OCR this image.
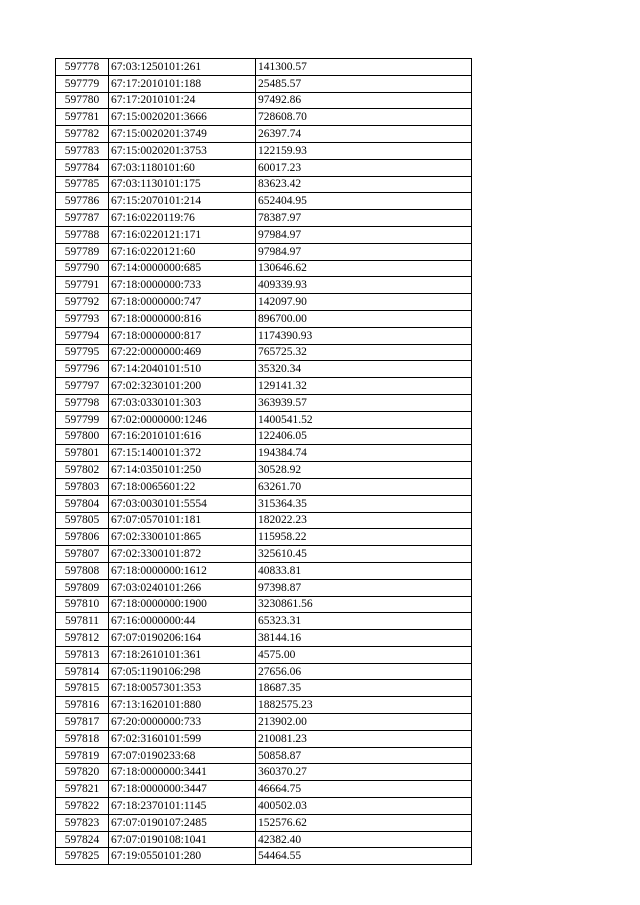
597778	67:03:1250101:261	141300.57
597779	67:17:2010101:188	25485.57
597780	67:17:2010101:24	97492.86
597781	67:15:0020201:3666	728608.70
597782	67:15:0020201:3749	26397.74
597783	67:15:0020201:3753	122159.93
597784	67:03:1180101:60	60017.23
597785	67:03:1130101:175	83623.42
597786	67:15:2070101:214	652404.95
597787	67:16:0220119:76	78387.97
597788	67:16:0220121:171	97984.97
597789	67:16:0220121:60	97984.97
597790	67:14:0000000:685	130646.62
597791	67:18:0000000:733	409339.93
597792	67:18:0000000:747	142097.90
597793	67:18:0000000:816	896700.00
597794	67:18:0000000:817	1174390.93
597795	67:22:0000000:469	765725.32
597796	67:14:2040101:510	35320.34
597797	67:02:3230101:200	129141.32
597798	67:03:0330101:303	363939.57
597799	67:02:0000000:1246	1400541.52
597800	67:16:2010101:616	122406.05
597801	67:15:1400101:372	194384.74
597802	67:14:0350101:250	30528.92
597803	67:18:0065601:22	63261.70
597804	67:03:0030101:5554	315364.35
597805	67:07:0570101:181	182022.23
597806	67:02:3300101:865	115958.22
597807	67:02:3300101:872	325610.45
597808	67:18:0000000:1612	40833.81
597809	67:03:0240101:266	97398.87
597810	67:18:0000000:1900	3230861.56
597811	67:16:0000000:44	65323.31
597812	67:07:0190206:164	38144.16
597813	67:18:2610101:361	4575.00
597814	67:05:1190106:298	27656.06
597815	67:18:0057301:353	18687.35
597816	67:13:1620101:880	1882575.23
597817	67:20:0000000:733	213902.00
597818	67:02:3160101:599	210081.23
597819	67:07:0190233:68	50858.87
597820	67:18:0000000:3441	360370.27
597821	67:18:0000000:3447	46664.75
597822	67:18:2370101:1145	400502.03
597823	67:07:0190107:2485	152576.62
597824	67:07:0190108:1041	42382.40
597825	67:19:0550101:280	54464.55
